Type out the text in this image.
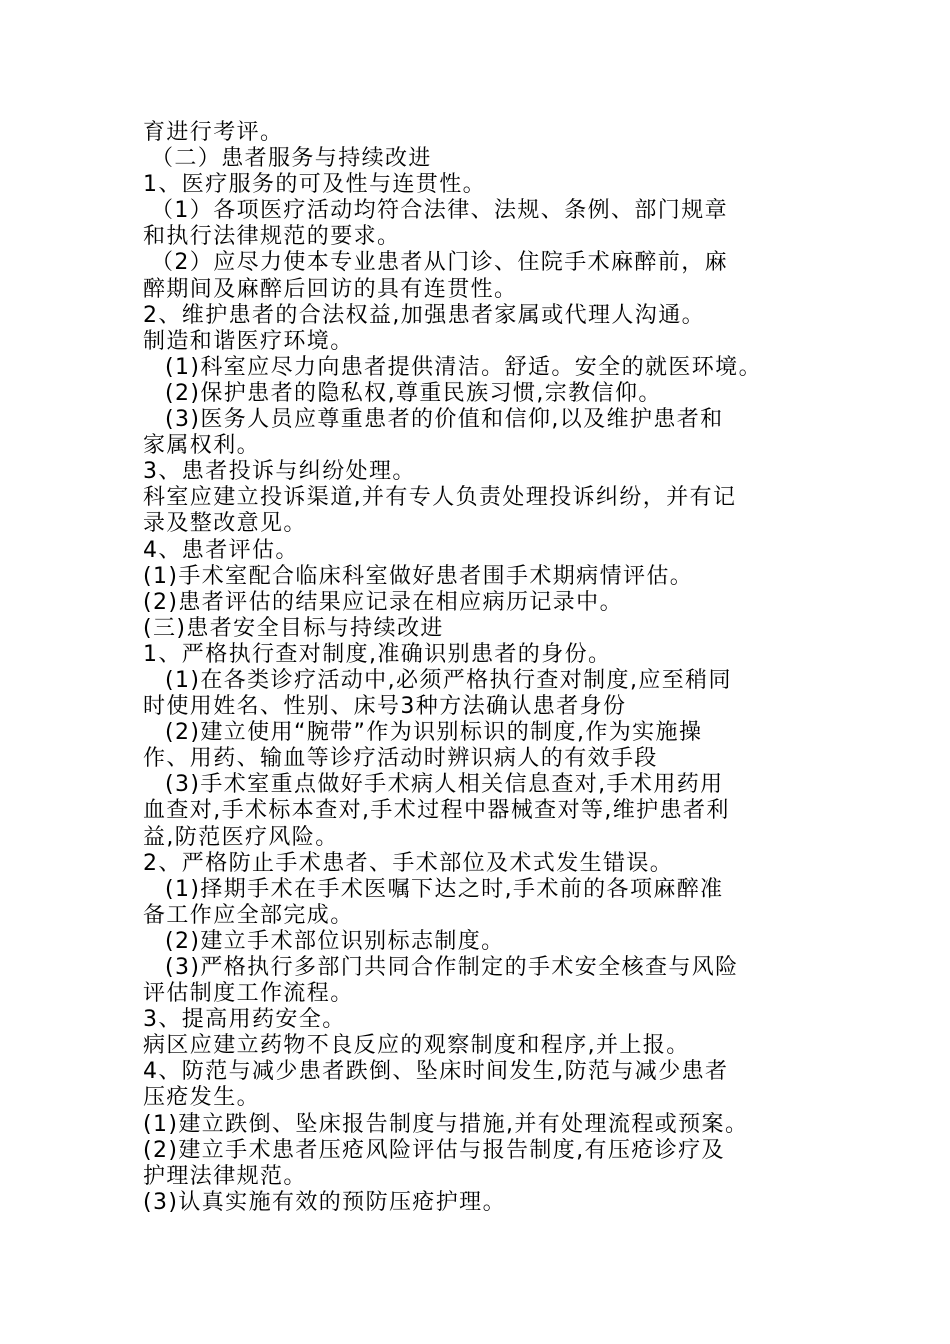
育进行考评。
（二）患者服务与持续改进
1、医疗服务的可及性与连贯性。
（1）各项医疗活动均符合法律、法规、条例、部门规章
和执行法律规范的要求。
（2）应尽力使本专业患者从门诊、住院手术麻醉前，麻
醉期间及麻醉后回访的具有连贯性。
2、维护患者的合法权益,加强患者家属或代理人沟通。
制造和谐医疗环境。
(1)科室应尽力向患者提供清洁。舒适。安全的就医环境。
(2)保护患者的隐私权,尊重民族习惯,宗教信仰。
(3)医务人员应尊重患者的价值和信仰,以及维护患者和
家属权利。
3、患者投诉与纠纷处理。
科室应建立投诉渠道,并有专人负责处理投诉纠纷，并有记
录及整改意见。
4、患者评估。
(1)手术室配合临床科室做好患者围手术期病情评估。
(2)患者评估的结果应记录在相应病历记录中。
(三)患者安全目标与持续改进
1、严格执行查对制度,准确识别患者的身份。
(1)在各类诊疗活动中,必须严格执行查对制度,应至稍同
时使用姓名、性别、床号3种方法确认患者身份
(2)建立使用“腕带”作为识别标识的制度,作为实施操
作、用药、输血等诊疗活动时辨识病人的有效手段
(3)手术室重点做好手术病人相关信息查对,手术用药用
血查对,手术标本查对,手术过程中器械查对等,维护患者利
益,防范医疗风险。
2、严格防止手术患者、手术部位及术式发生错误。
(1)择期手术在手术医嘱下达之时,手术前的各项麻醉准
备工作应全部完成。
(2)建立手术部位识别标志制度。
(3)严格执行多部门共同合作制定的手术安全核查与风险
评估制度工作流程。
3、提高用药安全。
病区应建立药物不良反应的观察制度和程序,并上报。
4、防范与减少患者跌倒、坠床时间发生,防范与减少患者
压疮发生。
(1)建立跌倒、坠床报告制度与措施,并有处理流程或预案。
(2)建立手术患者压疮风险评估与报告制度,有压疮诊疗及
护理法律规范。
(3)认真实施有效的预防压疮护理。
